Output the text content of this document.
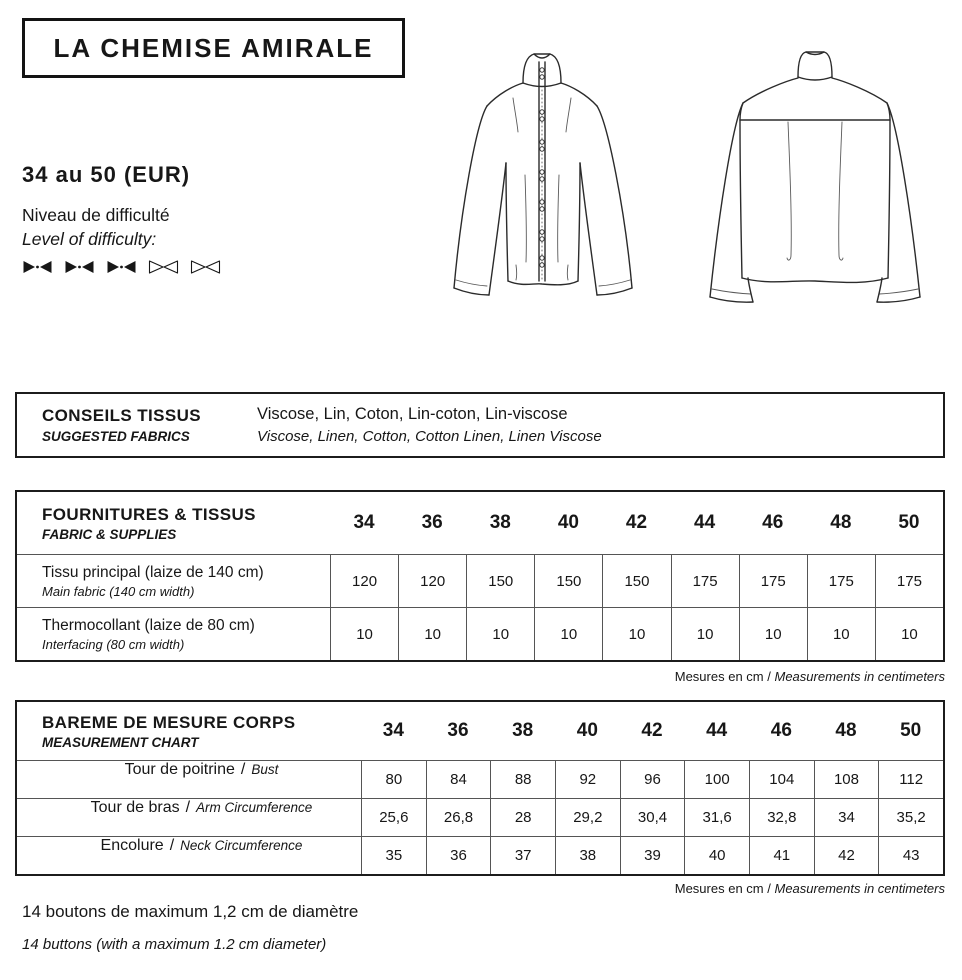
LA CHEMISE AMIRALE
34 au 50 (EUR)
Niveau de difficulté
Level of difficulty:
CONSEILS TISSUS
SUGGESTED FABRICS
Viscose, Lin, Coton, Lin-coton, Lin-viscose
Viscose, Linen, Cotton, Cotton Linen, Linen Viscose
FOURNITURES & TISSUS
FABRIC & SUPPLIES
34	36	38	40	42	44	46	48	50
Tissu principal (laize de 140 cm)
Main fabric (140 cm width)
120	120	150	150	150	175	175	175	175
Thermocollant (laize de 80 cm)
Interfacing (80 cm width)
10	10	10	10	10	10	10	10	10
Mesures en cm / Measurements in centimeters
BAREME DE MESURE CORPS
MEASUREMENT CHART
34	36	38	40	42	44	46	48	50
Tour de poitrine / Bust
80	84	88	92	96	100	104	108	112
Tour de bras / Arm Circumference
25,6	26,8	28	29,2	30,4	31,6	32,8	34	35,2
Encolure / Neck Circumference
35	36	37	38	39	40	41	42	43
Mesures en cm / Measurements in centimeters
14 boutons de maximum 1,2 cm de diamètre
14 buttons (with a maximum 1.2 cm diameter)
